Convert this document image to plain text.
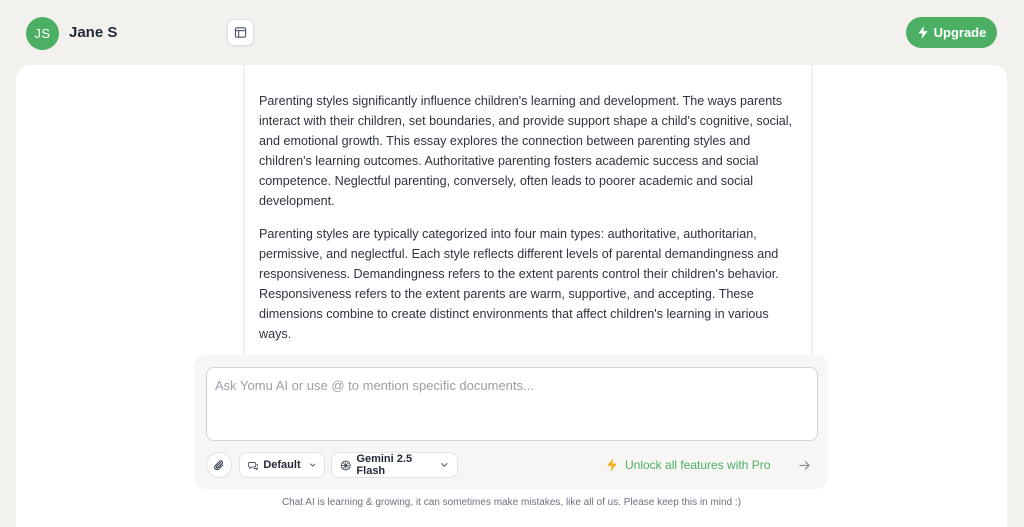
JS Jane S	Upgrade

Parenting styles significantly influence children's learning and development. The ways parents interact with their children, set boundaries, and provide support shape a child's cognitive, social, and emotional growth. This essay explores the connection between parenting styles and children's learning outcomes. Authoritative parenting fosters academic success and social competence. Neglectful parenting, conversely, often leads to poorer academic and social development.

Parenting styles are typically categorized into four main types: authoritative, authoritarian, permissive, and neglectful. Each style reflects different levels of parental demandingness and responsiveness. Demandingness refers to the extent parents control their children's behavior. Responsiveness refers to the extent parents are warm, supportive, and accepting. These dimensions combine to create distinct environments that affect children's learning in various ways.

Ask Yomu AI or use @ to mention specific documents...
Default	Gemini 2.5 Flash	Unlock all features with Pro
Chat AI is learning & growing, it can sometimes make mistakes, like all of us. Please keep this in mind :)
